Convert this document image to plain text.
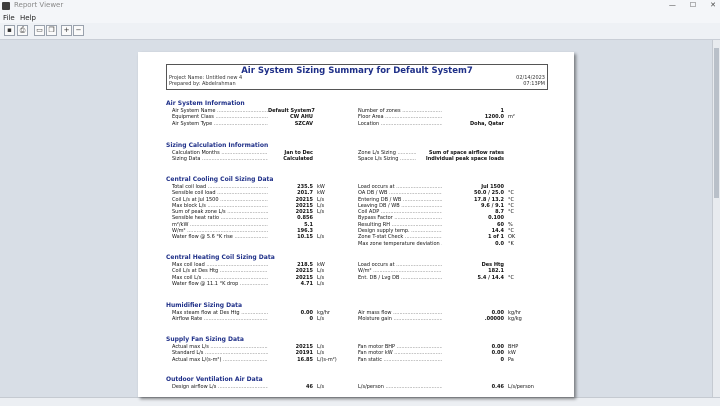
Report Viewer	— ☐ ✕
File Help
▪	⎙	▭ ❐	+ −
Air System Sizing Summary for Default System7
Project Name: Untitled new 4
Prepared by: Abdelrahman
02/14/2023
07:13PM
Air System Information
Air System Name .....	Default System7
Equipment Class .....	CW AHU
Air System Type .....	SZCAV
Number of zones .....	1
Floor Area .....	1200.0 m²
Location .....	Doha, Qatar
Sizing Calculation Information
Calculation Months .....	Jan to Dec
Sizing Data .....	Calculated
Zone L/s Sizing .....	Sum of space airflow rates
Space L/s Sizing .....	Individual peak space loads
Central Cooling Coil Sizing Data
Total coil load .....	235.5 kW
Sensible coil load .....	201.7 kW
Coil L/s at Jul 1500 .....	20215 L/s
Max block L/s .....	20215 L/s
Sum of peak zone L/s .....	20215 L/s
Sensible heat ratio .....	0.856
m²/kW .....	5.1
W/m² .....	196.3
Water flow @ 5.6 °K rise .....	10.15 L/s
Load occurs at .....	Jul 1500
OA DB / WB .....	50.0 / 25.0 °C
Entering DB / WB .....	17.8 / 13.2 °C
Leaving DB / WB .....	9.6 / 9.1 °C
Coil ADP .....	8.7 °C
Bypass Factor .....	0.100
Resulting RH .....	60 %
Design supply temp. .....	14.4 °C
Zone T-stat Check .....	1 of 1 OK
Max zone temperature deviation .....	0.0 °K
Central Heating Coil Sizing Data
Max coil load .....	218.5 kW
Coil L/s at Des Htg .....	20215 L/s
Max coil L/s .....	20215 L/s
Water flow @ 11.1 °K drop .....	4.71 L/s
Load occurs at .....	Des Htg
W/m² .....	182.1
Ent. DB / Lvg DB .....	5.4 / 14.4 °C
Humidifier Sizing Data
Max steam flow at Des Htg .....	0.00 kg/hr
Airflow Rate .....	0 L/s
Air mass flow .....	0.00 kg/hr
Moisture gain .....	.00000 kg/kg
Supply Fan Sizing Data
Actual max L/s .....	20215 L/s
Standard L/s .....	20191 L/s
Actual max L/(s-m²) .....	16.85 L/(s-m²)
Fan motor BHP .....	0.00 BHP
Fan motor kW .....	0.00 kW
Fan static .....	0 Pa
Outdoor Ventilation Air Data
Design airflow L/s .....	46 L/s	L/s/person .....	0.46 L/s/person
